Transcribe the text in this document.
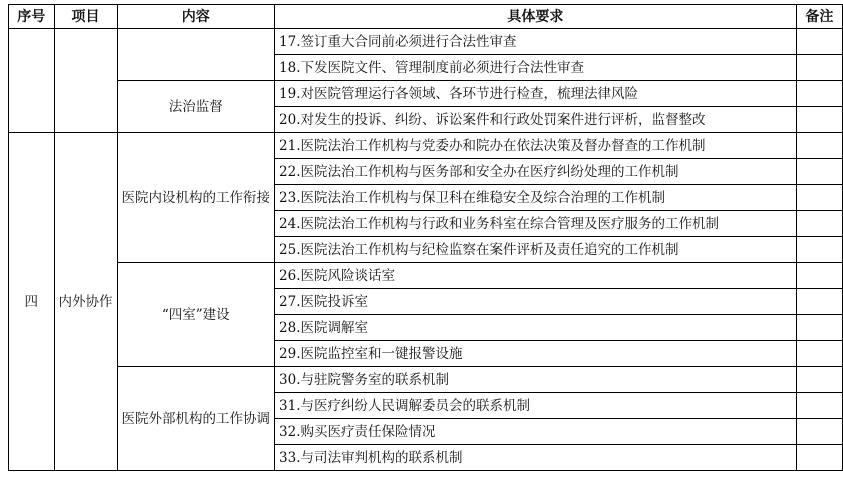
序号	项目	内容	具体要求	备注
			17.签订重大合同前必须进行合法性审查	
			18.下发医院文件、管理制度前必须进行合法性审查	
		法治监督	19.对医院管理运行各领域、各环节进行检查，梳理法律风险	
			20.对发生的投诉、纠纷、诉讼案件和行政处罚案件进行评析，监督整改	
四	内外协作	医院内设机构的工作衔接	21.医院法治工作机构与党委办和院办在依法决策及督办督查的工作机制	
			22.医院法治工作机构与医务部和安全办在医疗纠纷处理的工作机制	
			23.医院法治工作机构与保卫科在维稳安全及综合治理的工作机制	
			24.医院法治工作机构与行政和业务科室在综合管理及医疗服务的工作机制	
			25.医院法治工作机构与纪检监察在案件评析及责任追究的工作机制	
		“四室”建设	26.医院风险谈话室	
			27.医院投诉室	
			28.医院调解室	
			29.医院监控室和一键报警设施	
		医院外部机构的工作协调	30.与驻院警务室的联系机制	
			31.与医疗纠纷人民调解委员会的联系机制	
			32.购买医疗责任保险情况	
			33.与司法审判机构的联系机制	
